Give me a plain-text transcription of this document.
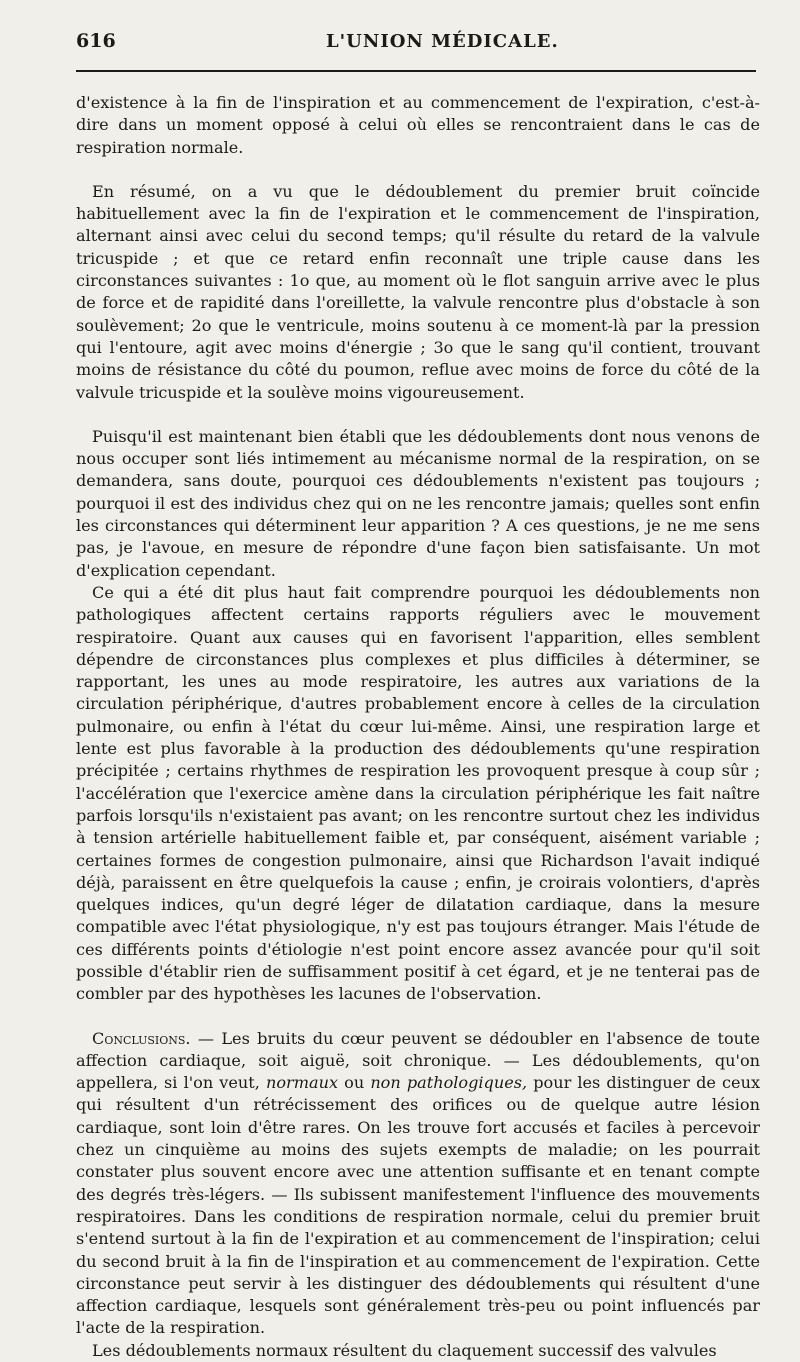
616	L'UNION MÉDICALE.

d'existence à la fin de l'inspiration et au commencement de l'expiration, c'est-à-dire dans un moment opposé à celui où elles se rencontraient dans le cas de respiration normale.

En résumé, on a vu que le dédoublement du premier bruit coïncide habituellement avec la fin de l'expiration et le commencement de l'inspiration, alternant ainsi avec celui du second temps; qu'il résulte du retard de la valvule tricuspide ; et que ce retard enfin reconnaît une triple cause dans les circonstances suivantes : 1o que, au moment où le flot sanguin arrive avec le plus de force et de rapidité dans l'oreillette, la valvule rencontre plus d'obstacle à son soulèvement; 2o que le ventricule, moins soutenu à ce moment-là par la pression qui l'entoure, agit avec moins d'énergie ; 3o que le sang qu'il contient, trouvant moins de résistance du côté du poumon, reflue avec moins de force du côté de la valvule tricuspide et la soulève moins vigoureusement.

Puisqu'il est maintenant bien établi que les dédoublements dont nous venons de nous occuper sont liés intimement au mécanisme normal de la respiration, on se demandera, sans doute, pourquoi ces dédoublements n'existent pas toujours ; pourquoi il est des individus chez qui on ne les rencontre jamais; quelles sont enfin les circonstances qui déterminent leur apparition ? A ces questions, je ne me sens pas, je l'avoue, en mesure de répondre d'une façon bien satisfaisante. Un mot d'explication cependant.

Ce qui a été dit plus haut fait comprendre pourquoi les dédoublements non pathologiques affectent certains rapports réguliers avec le mouvement respiratoire. Quant aux causes qui en favorisent l'apparition, elles semblent dépendre de circonstances plus complexes et plus difficiles à déterminer, se rapportant, les unes au mode respiratoire, les autres aux variations de la circulation périphérique, d'autres probablement encore à celles de la circulation pulmonaire, ou enfin à l'état du cœur lui-même. Ainsi, une respiration large et lente est plus favorable à la production des dédoublements qu'une respiration précipitée ; certains rhythmes de respiration les provoquent presque à coup sûr ; l'accélération que l'exercice amène dans la circulation périphérique les fait naître parfois lorsqu'ils n'existaient pas avant; on les rencontre surtout chez les individus à tension artérielle habituellement faible et, par conséquent, aisément variable ; certaines formes de congestion pulmonaire, ainsi que Richardson l'avait indiqué déjà, paraissent en être quelquefois la cause ; enfin, je croirais volontiers, d'après quelques indices, qu'un degré léger de dilatation cardiaque, dans la mesure compatible avec l'état physiologique, n'y est pas toujours étranger. Mais l'étude de ces différents points d'étiologie n'est point encore assez avancée pour qu'il soit possible d'établir rien de suffisamment positif à cet égard, et je ne tenterai pas de combler par des hypothèses les lacunes de l'observation.

Conclusions. — Les bruits du cœur peuvent se dédoubler en l'absence de toute affection cardiaque, soit aiguë, soit chronique. — Les dédoublements, qu'on appellera, si l'on veut, normaux ou non pathologiques, pour les distinguer de ceux qui résultent d'un rétrécissement des orifices ou de quelque autre lésion cardiaque, sont loin d'être rares. On les trouve fort accusés et faciles à percevoir chez un cinquième au moins des sujets exempts de maladie; on les pourrait constater plus souvent encore avec une attention suffisante et en tenant compte des degrés très-légers. — Ils subissent manifestement l'influence des mouvements respiratoires. Dans les conditions de respiration normale, celui du premier bruit s'entend surtout à la fin de l'expiration et au commencement de l'inspiration; celui du second bruit à la fin de l'inspiration et au commencement de l'expiration. Cette circonstance peut servir à les distinguer des dédoublements qui résultent d'une affection cardiaque, lesquels sont généralement très-peu ou point influencés par l'acte de la respiration.

Les dédoublements normaux résultent du claquement successif des valvules
